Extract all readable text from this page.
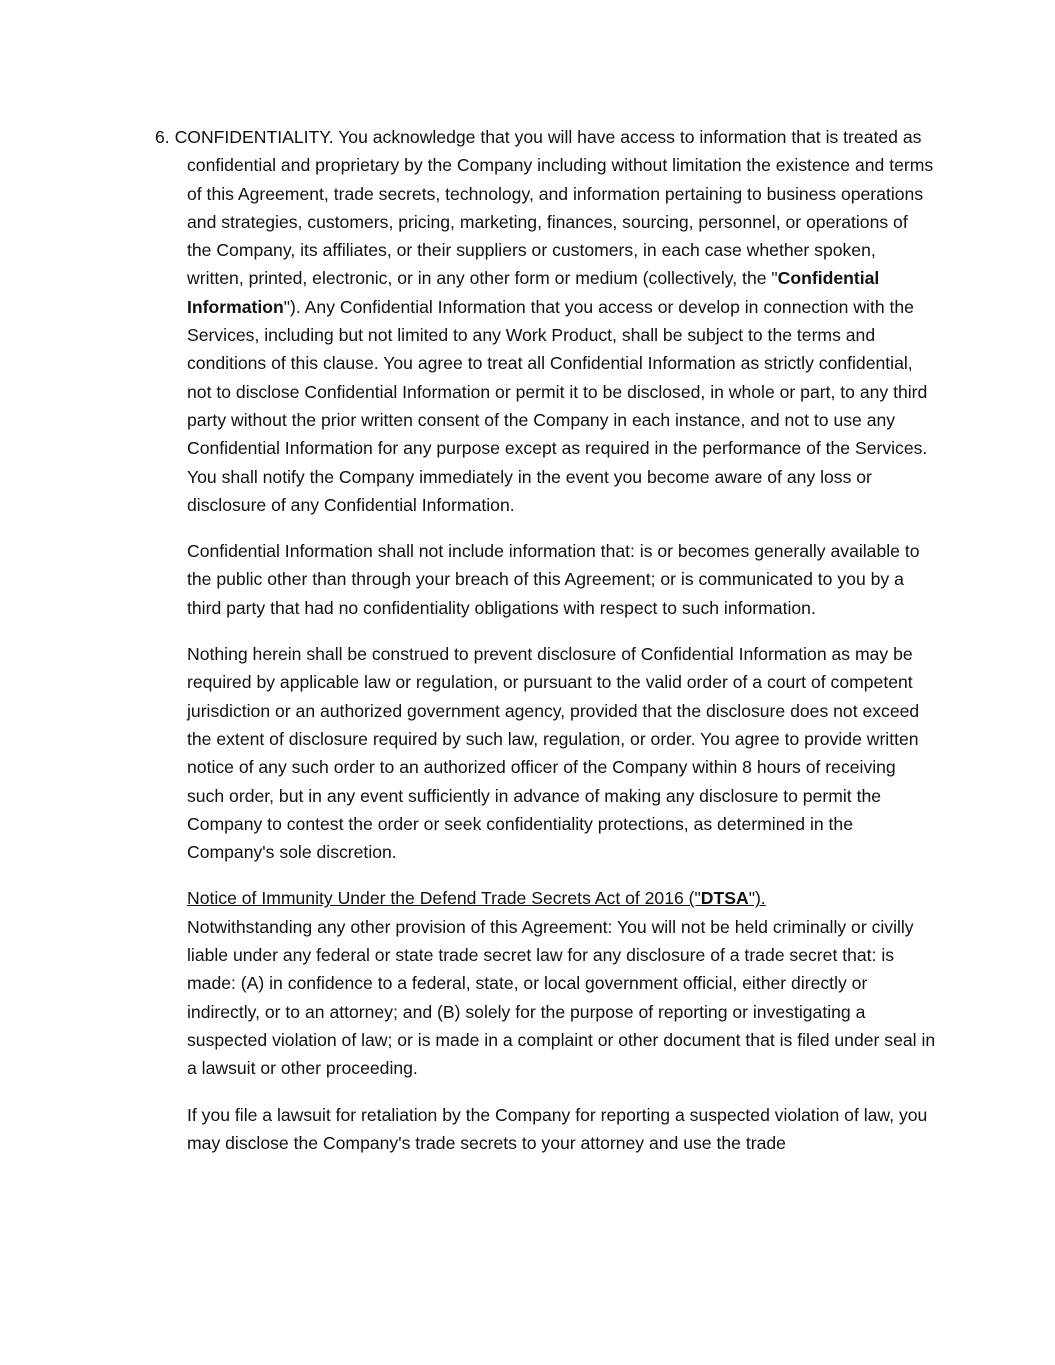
6. CONFIDENTIALITY. You acknowledge that you will have access to information that is treated as confidential and proprietary by the Company including without limitation the existence and terms of this Agreement, trade secrets, technology, and information pertaining to business operations and strategies, customers, pricing, marketing, finances, sourcing, personnel, or operations of the Company, its affiliates, or their suppliers or customers, in each case whether spoken, written, printed, electronic, or in any other form or medium (collectively, the "Confidential Information"). Any Confidential Information that you access or develop in connection with the Services, including but not limited to any Work Product, shall be subject to the terms and conditions of this clause. You agree to treat all Confidential Information as strictly confidential, not to disclose Confidential Information or permit it to be disclosed, in whole or part, to any third party without the prior written consent of the Company in each instance, and not to use any Confidential Information for any purpose except as required in the performance of the Services. You shall notify the Company immediately in the event you become aware of any loss or disclosure of any Confidential Information.

Confidential Information shall not include information that: is or becomes generally available to the public other than through your breach of this Agreement; or is communicated to you by a third party that had no confidentiality obligations with respect to such information.

Nothing herein shall be construed to prevent disclosure of Confidential Information as may be required by applicable law or regulation, or pursuant to the valid order of a court of competent jurisdiction or an authorized government agency, provided that the disclosure does not exceed the extent of disclosure required by such law, regulation, or order. You agree to provide written notice of any such order to an authorized officer of the Company within 8 hours of receiving such order, but in any event sufficiently in advance of making any disclosure to permit the Company to contest the order or seek confidentiality protections, as determined in the Company's sole discretion.

Notice of Immunity Under the Defend Trade Secrets Act of 2016 ("DTSA").
Notwithstanding any other provision of this Agreement: You will not be held criminally or civilly liable under any federal or state trade secret law for any disclosure of a trade secret that: is made: (A) in confidence to a federal, state, or local government official, either directly or indirectly, or to an attorney; and (B) solely for the purpose of reporting or investigating a suspected violation of law; or is made in a complaint or other document that is filed under seal in a lawsuit or other proceeding.

If you file a lawsuit for retaliation by the Company for reporting a suspected violation of law, you may disclose the Company's trade secrets to your attorney and use the trade
